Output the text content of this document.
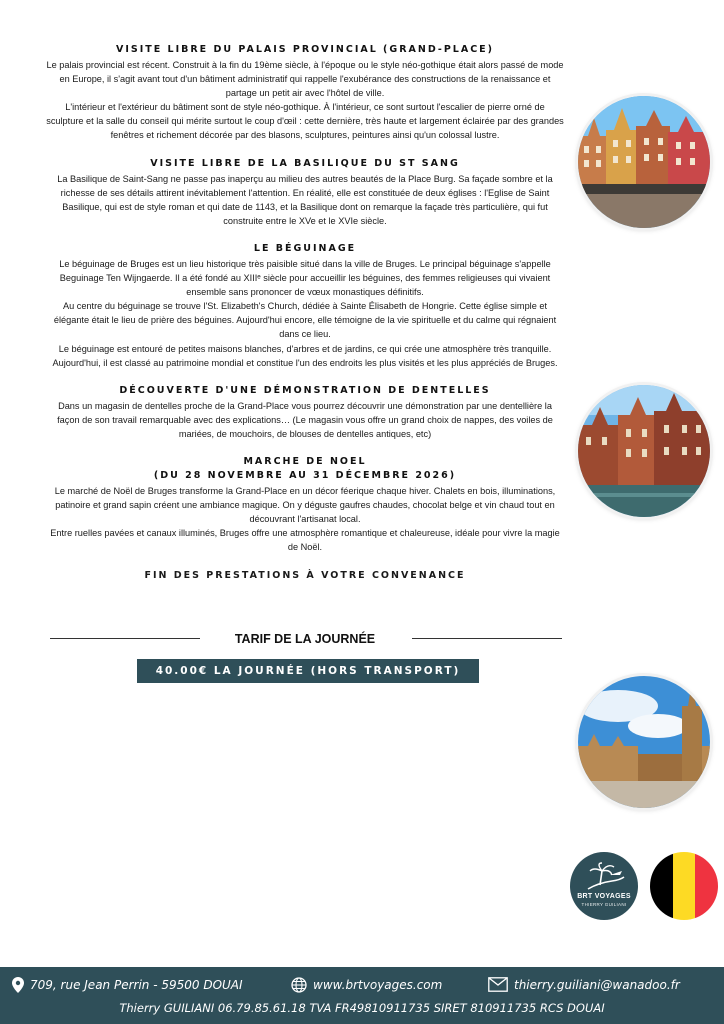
VISITE LIBRE DU PALAIS PROVINCIAL (GRAND-PLACE)

Le palais provincial est récent. Construit à la fin du 19ème siècle, à l'époque ou le style néo-gothique était alors passé de mode en Europe, il s'agit avant tout d'un bâtiment administratif qui rappelle l'exubérance des constructions de la renaissance et partage un petit air avec l'hôtel de ville.

L'intérieur et l'extérieur du bâtiment sont de style néo-gothique. À l'intérieur, ce sont surtout l'escalier de pierre orné de sculpture et la salle du conseil qui mérite surtout le coup d'œil : cette dernière, très haute et largement éclairée par des grandes fenêtres et richement décorée par des blasons, sculptures, peintures ainsi qu'un colossal lustre.

VISITE LIBRE DE LA BASILIQUE DU ST SANG

La Basilique de Saint-Sang ne passe pas inaperçu au milieu des autres beautés de la Place Burg. Sa façade sombre et la richesse de ses détails attirent inévitablement l'attention. En réalité, elle est constituée de deux églises : l'Eglise de Saint Basilique, qui est de style roman et qui date de 1143, et la Basilique dont on remarque la façade très particulière, qui fut construite entre le XVe et le XVIe siècle.

LE BÉGUINAGE

Le béguinage de Bruges est un lieu historique très paisible situé dans la ville de Bruges. Le principal béguinage s'appelle Beguinage Ten Wijngaerde. Il a été fondé au XIIIᵉ siècle pour accueillir les béguines, des femmes religieuses qui vivaient ensemble sans prononcer de vœux monastiques définitifs.

Au centre du béguinage se trouve l'St. Elizabeth's Church, dédiée à Sainte Élisabeth de Hongrie. Cette église simple et élégante était le lieu de prière des béguines. Aujourd'hui encore, elle témoigne de la vie spirituelle et du calme qui régnaient dans ce lieu.

Le béguinage est entouré de petites maisons blanches, d'arbres et de jardins, ce qui crée une atmosphère très tranquille. Aujourd'hui, il est classé au patrimoine mondial et constitue l'un des endroits les plus visités et les plus appréciés de Bruges.

DÉCOUVERTE D'UNE DÉMONSTRATION DE DENTELLES

Dans un magasin de dentelles proche de la Grand-Place vous pourrez découvrir une démonstration par une dentellière la façon de son travail remarquable avec des explications… (Le magasin vous offre un grand choix de nappes, des voiles de mariées, de mouchoirs, de blouses de dentelles antiques, etc)

MARCHE DE NOEL
(DU 28 NOVEMBRE AU 31 DÉCEMBRE 2026)

Le marché de Noël de Bruges transforme la Grand-Place en un décor féerique chaque hiver. Chalets en bois, illuminations, patinoire et grand sapin créent une ambiance magique. On y déguste gaufres chaudes, chocolat belge et vin chaud tout en découvrant l'artisanat local.

Entre ruelles pavées et canaux illuminés, Bruges offre une atmosphère romantique et chaleureuse, idéale pour vivre la magie de Noël.

FIN DES PRESTATIONS À VOTRE CONVENANCE
TARIF DE LA JOURNÉE
40.00€ LA JOURNÉE (HORS TRANSPORT)
BRT VOYAGES
THIERRY GUILIANI
709, rue Jean Perrin - 59500 DOUAI	www.brtvoyages.com	thierry.guiliani@wanadoo.fr
Thierry GUILIANI 06.79.85.61.18 TVA FR49810911735 SIRET 810911735 RCS DOUAI
